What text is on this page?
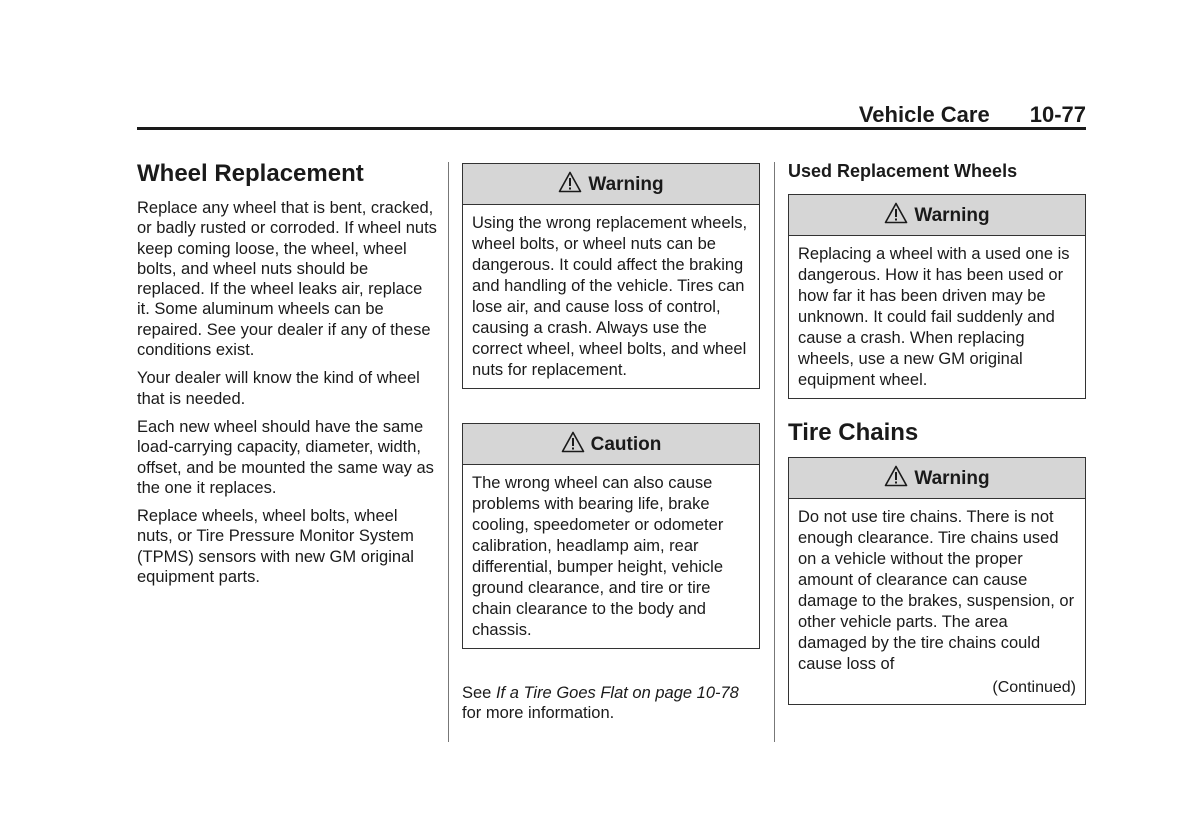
Vehicle Care 10-77
Wheel Replacement

Replace any wheel that is bent, cracked, or badly rusted or corroded. If wheel nuts keep coming loose, the wheel, wheel bolts, and wheel nuts should be replaced. If the wheel leaks air, replace it. Some aluminum wheels can be repaired. See your dealer if any of these conditions exist.

Your dealer will know the kind of wheel that is needed.

Each new wheel should have the same load-carrying capacity, diameter, width, offset, and be mounted the same way as the one it replaces.

Replace wheels, wheel bolts, wheel nuts, or Tire Pressure Monitor System (TPMS) sensors with new GM original equipment parts.

Warning

Using the wrong replacement wheels, wheel bolts, or wheel nuts can be dangerous. It could affect the braking and handling of the vehicle. Tires can lose air, and cause loss of control, causing a crash. Always use the correct wheel, wheel bolts, and wheel nuts for replacement.

Caution

The wrong wheel can also cause problems with bearing life, brake cooling, speedometer or odometer calibration, headlamp aim, rear differential, bumper height, vehicle ground clearance, and tire or tire chain clearance to the body and chassis.

See If a Tire Goes Flat on page 10-78 for more information.

Used Replacement Wheels
Warning

Replacing a wheel with a used one is dangerous. How it has been used or how far it has been driven may be unknown. It could fail suddenly and cause a crash. When replacing wheels, use a new GM original equipment wheel.

Tire Chains
Warning

Do not use tire chains. There is not enough clearance. Tire chains used on a vehicle without the proper amount of clearance can cause damage to the brakes, suspension, or other vehicle parts. The area damaged by the tire chains could cause loss of

(Continued)
